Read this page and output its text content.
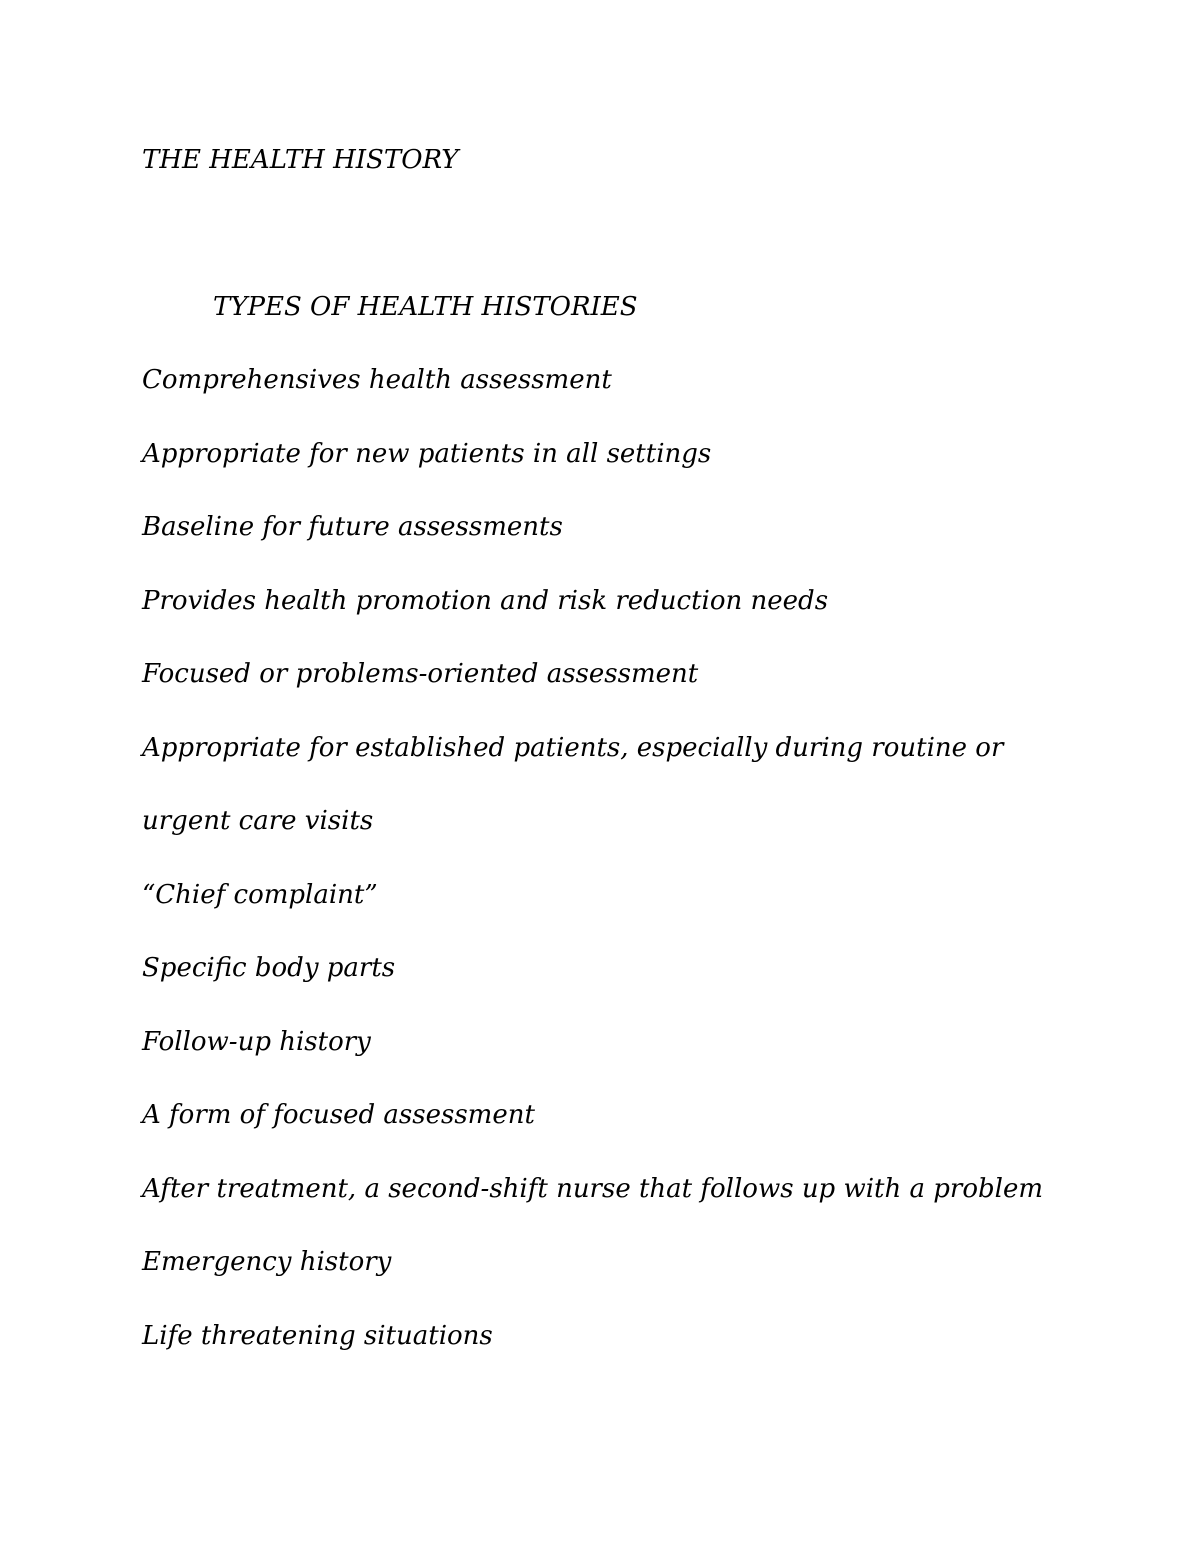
THE HEALTH HISTORY
TYPES OF HEALTH HISTORIES
Comprehensives health assessment
Appropriate for new patients in all settings
Baseline for future assessments
Provides health promotion and risk reduction needs
Focused or problems-oriented assessment
Appropriate for established patients, especially during routine or
urgent care visits
“Chief complaint”
Specific body parts
Follow-up history
A form of focused assessment
After treatment, a second-shift nurse that follows up with a problem
Emergency history
Life threatening situations
